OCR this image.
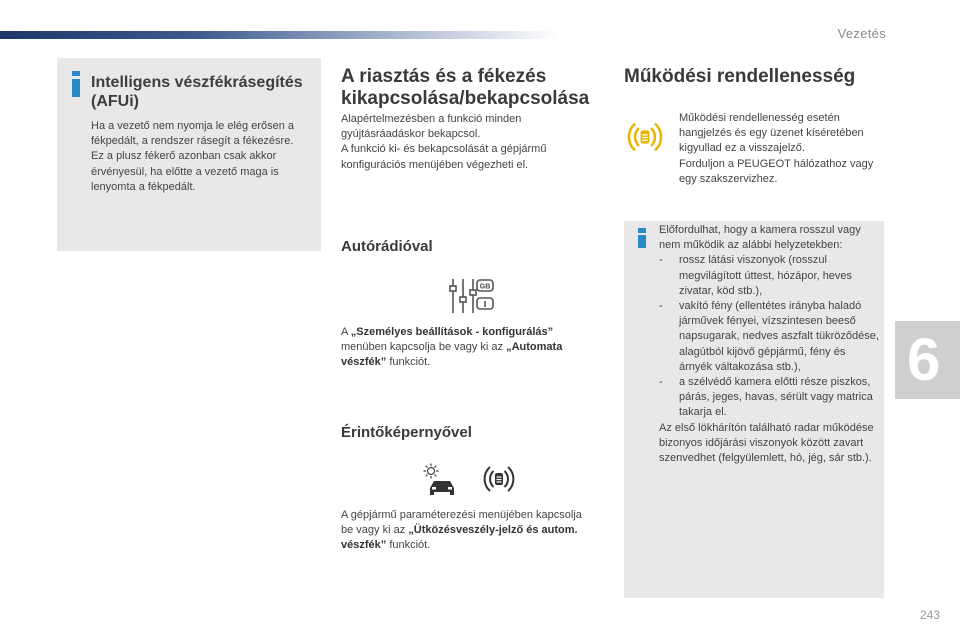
Vezetés
6
243
Intelligens vészfékrásegítés (AFUi)

Ha a vezető nem nyomja le elég erősen a fékpedált, a rendszer rásegít a fékezésre.

Ez a plusz fékerő azonban csak akkor érvényesül, ha előtte a vezető maga is lenyomta a fékpedált.

A riasztás és a fékezés kikapcsolása/bekapcsolása

Alapértelmezésben a funkció minden gyújtásráadáskor bekapcsol.

A funkció ki- és bekapcsolását a gépjármű konfigurációs menüjében végezheti el.

Autórádióval
GB

A „Személyes beállítások - konfigurálás” menüben kapcsolja be vagy ki az „Automata vészfék” funkciót.

Érintőképernyővel

A gépjármű paraméterezési menüjében kapcsolja be vagy ki az „Ütközésveszély-jelző és autom. vészfék” funkciót.

Működési rendellenesség

Működési rendellenesség esetén hangjelzés és egy üzenet kíséretében kigyullad ez a visszajelző.

Forduljon a PEUGEOT hálózathoz vagy egy szakszervizhez.

Előfordulhat, hogy a kamera rosszul vagy nem működik az alábbi helyzetekben:

- rossz látási viszonyok (rosszul megvilágított úttest, hózápor, heves zivatar, köd stb.),
- vakító fény (ellentétes irányba haladó járművek fényei, vízszintesen beeső napsugarak, nedves aszfalt tükröződése, alagútból kijövő gépjármű, fény és árnyék váltakozása stb.),
- a szélvédő kamera előtti része piszkos, párás, jeges, havas, sérült vagy matrica takarja el.

Az első lökhárítón található radar működése bizonyos időjárási viszonyok között zavart szenvedhet (felgyülemlett, hó, jég, sár stb.).
